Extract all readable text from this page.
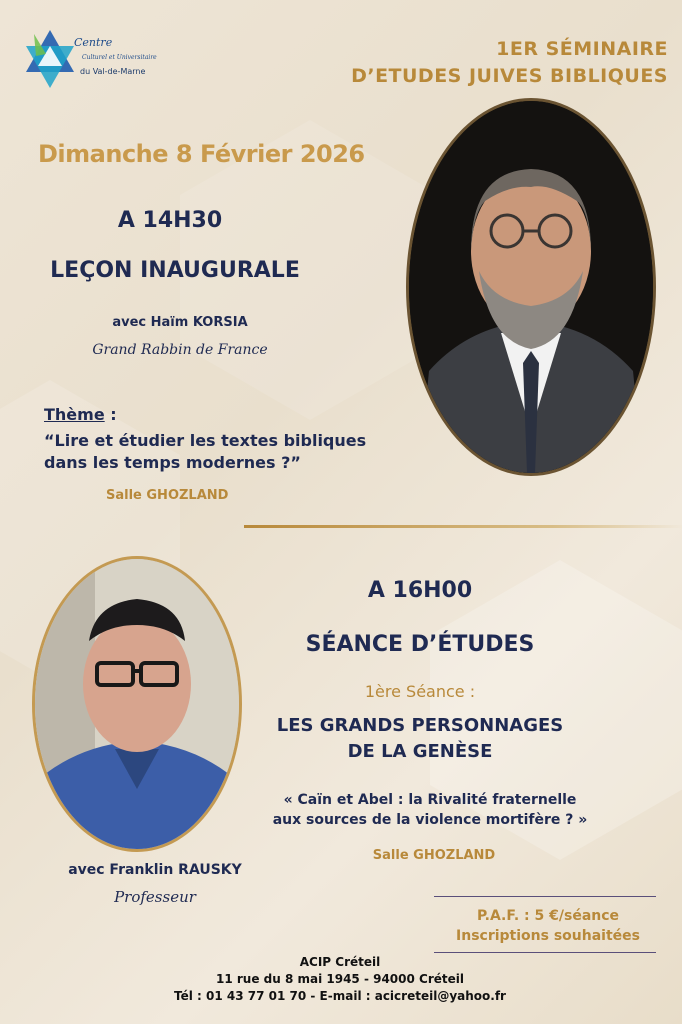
Centre
Culturel et Universitaire
du Val-de-Marne
1ER SÉMINAIRE
D’ETUDES JUIVES BIBLIQUES
Dimanche 8 Février 2026
A 14H30
LEÇON INAUGURALE
avec Haïm KORSIA
Grand Rabbin de France
Thème :
“Lire et étudier les textes bibliques
dans les temps modernes ?”
Salle GHOZLAND
A 16H00
SÉANCE D’ÉTUDES
1ère Séance :
LES GRANDS PERSONNAGES
DE LA GENÈSE
« Caïn et Abel : la Rivalité fraternelle
aux sources de la violence mortifère ? »
Salle GHOZLAND
avec Franklin RAUSKY
Professeur
P.A.F. : 5 €/séance
Inscriptions souhaitées
ACIP Créteil
11 rue du 8 mai 1945 - 94000 Créteil
Tél : 01 43 77 01 70 - E-mail : acicreteil@yahoo.fr
